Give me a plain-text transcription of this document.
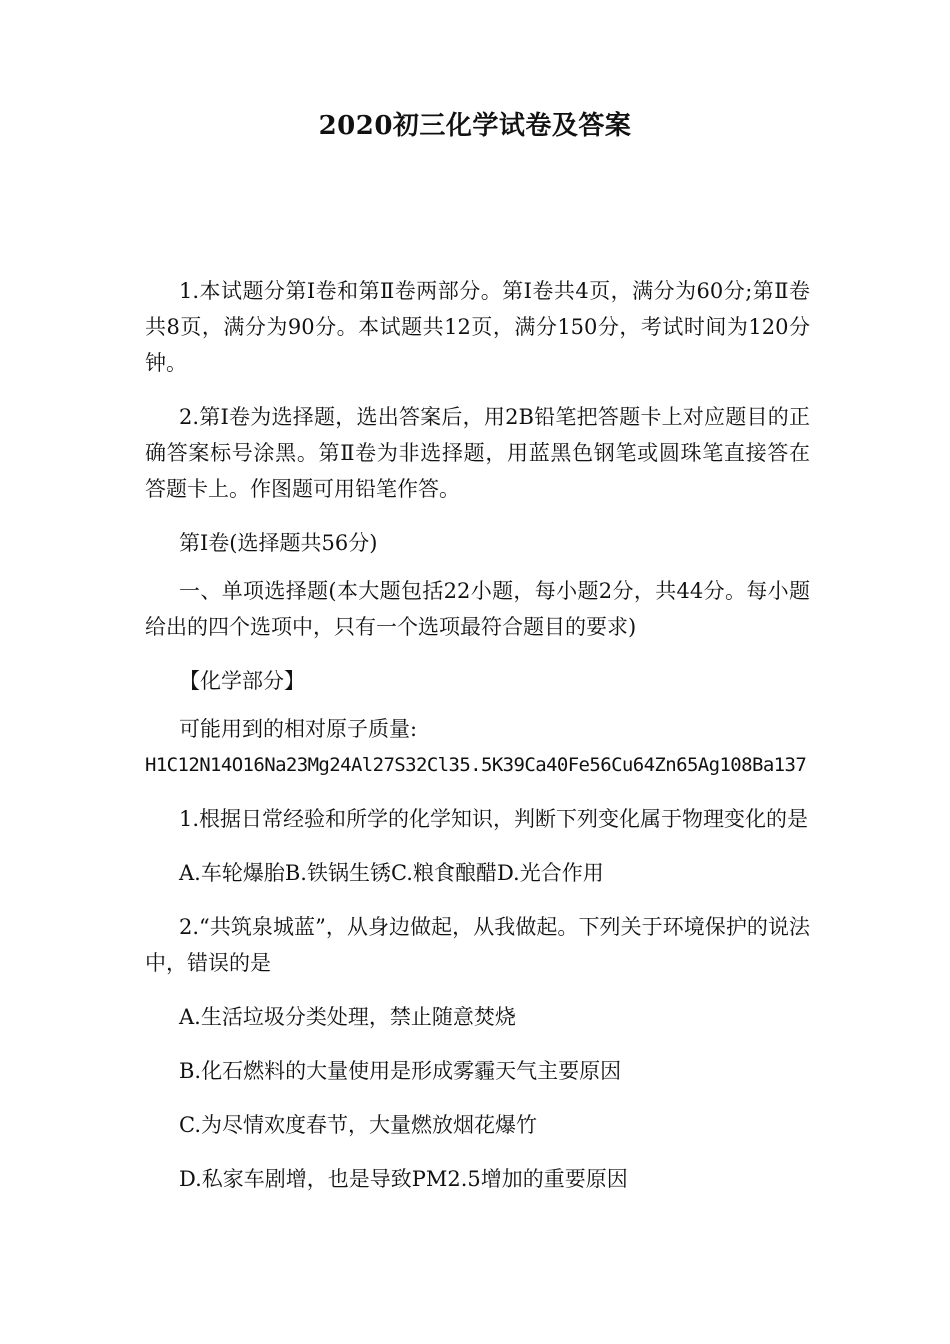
2020初三化学试卷及答案

1.本试题分第Ⅰ卷和第Ⅱ卷两部分。第Ⅰ卷共4页，满分为60分;第Ⅱ卷共8页，满分为90分。本试题共12页，满分150分，考试时间为120分钟。

2.第Ⅰ卷为选择题，选出答案后，用2B铅笔把答题卡上对应题目的正确答案标号涂黑。第Ⅱ卷为非选择题，用蓝黑色钢笔或圆珠笔直接答在答题卡上。作图题可用铅笔作答。

第Ⅰ卷(选择题共56分)

一、单项选择题(本大题包括22小题，每小题2分，共44分。每小题给出的四个选项中，只有一个选项最符合题目的要求)

【化学部分】

可能用到的相对原子质量:
H1C12N14O16Na23Mg24Al27S32Cl35.5K39Ca40Fe56Cu64Zn65Ag108Ba137

1.根据日常经验和所学的化学知识，判断下列变化属于物理变化的是

A.车轮爆胎B.铁锅生锈C.粮食酿醋D.光合作用

2.“共筑泉城蓝”，从身边做起，从我做起。下列关于环境保护的说法中，错误的是

A.生活垃圾分类处理，禁止随意焚烧

B.化石燃料的大量使用是形成雾霾天气主要原因

C.为尽情欢度春节，大量燃放烟花爆竹

D.私家车剧增，也是导致PM2.5增加的重要原因
